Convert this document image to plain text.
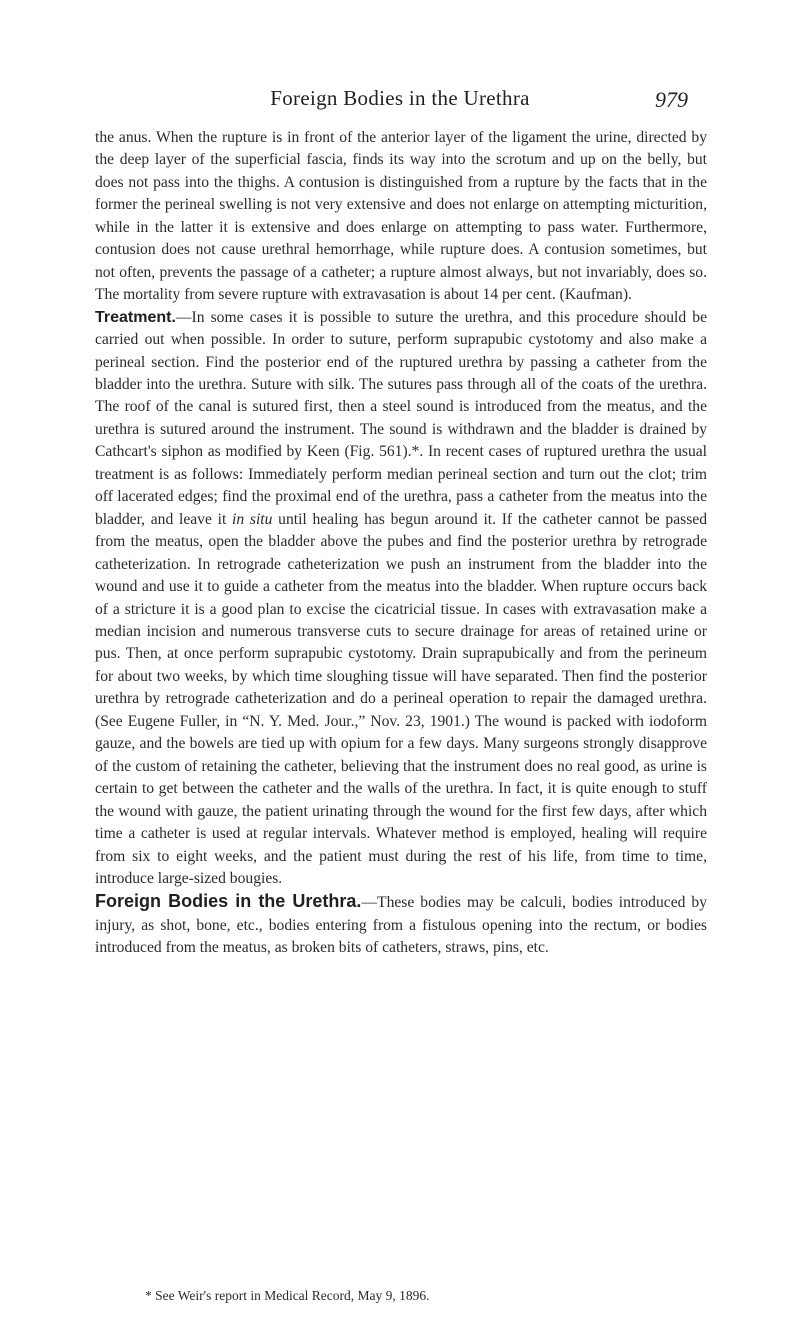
Foreign Bodies in the Urethra	979

the anus. When the rupture is in front of the anterior layer of the ligament the urine, directed by the deep layer of the superficial fascia, finds its way into the scrotum and up on the belly, but does not pass into the thighs. A contusion is distinguished from a rupture by the facts that in the former the perineal swelling is not very extensive and does not enlarge on attempting micturition, while in the latter it is extensive and does enlarge on attempting to pass water. Furthermore, contusion does not cause urethral hemorrhage, while rupture does. A contusion sometimes, but not often, prevents the passage of a catheter; a rupture almost always, but not invariably, does so. The mortality from severe rupture with extravasation is about 14 per cent. (Kaufman).

Treatment.—In some cases it is possible to suture the urethra, and this procedure should be carried out when possible. In order to suture, perform suprapubic cystotomy and also make a perineal section. Find the posterior end of the ruptured urethra by passing a catheter from the bladder into the urethra. Suture with silk. The sutures pass through all of the coats of the urethra. The roof of the canal is sutured first, then a steel sound is introduced from the meatus, and the urethra is sutured around the instrument. The sound is withdrawn and the bladder is drained by Cathcart's siphon as modified by Keen (Fig. 561).*. In recent cases of ruptured urethra the usual treatment is as follows: Immediately perform median perineal section and turn out the clot; trim off lacerated edges; find the proximal end of the urethra, pass a catheter from the meatus into the bladder, and leave it in situ until healing has begun around it. If the catheter cannot be passed from the meatus, open the bladder above the pubes and find the posterior urethra by retrograde catheterization. In retrograde catheterization we push an instrument from the bladder into the wound and use it to guide a catheter from the meatus into the bladder. When rupture occurs back of a stricture it is a good plan to excise the cicatricial tissue. In cases with extravasation make a median incision and numerous transverse cuts to secure drainage for areas of retained urine or pus. Then, at once perform suprapubic cystotomy. Drain suprapubically and from the perineum for about two weeks, by which time sloughing tissue will have separated. Then find the posterior urethra by retrograde catheterization and do a perineal operation to repair the damaged urethra. (See Eugene Fuller, in “N. Y. Med. Jour.,” Nov. 23, 1901.) The wound is packed with iodoform gauze, and the bowels are tied up with opium for a few days. Many surgeons strongly disapprove of the custom of retaining the catheter, believing that the instrument does no real good, as urine is certain to get between the catheter and the walls of the urethra. In fact, it is quite enough to stuff the wound with gauze, the patient urinating through the wound for the first few days, after which time a catheter is used at regular intervals. Whatever method is employed, healing will require from six to eight weeks, and the patient must during the rest of his life, from time to time, introduce large-sized bougies.

Foreign Bodies in the Urethra.—These bodies may be calculi, bodies introduced by injury, as shot, bone, etc., bodies entering from a fistulous opening into the rectum, or bodies introduced from the meatus, as broken bits of catheters, straws, pins, etc.

* See Weir's report in Medical Record, May 9, 1896.
